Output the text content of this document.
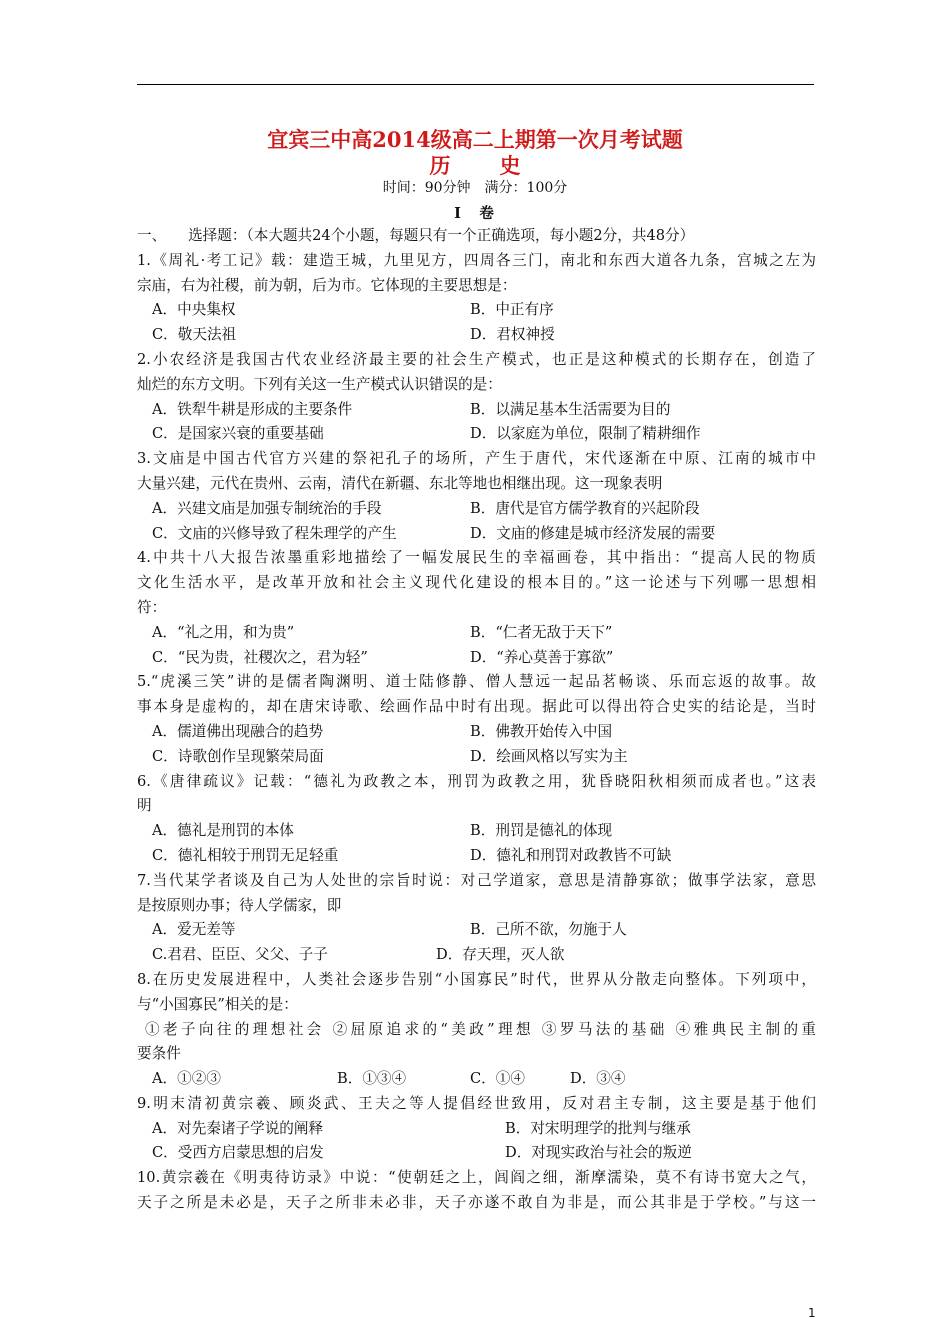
宜宾三中高2014级高二上期第一次月考试题
历　史
时间：90分钟　满分：100分
I　卷
一、　　选择题：（本大题共24个小题，每题只有一个正确选项，每小题2分，共48分）
1.《周礼·考工记》载：建造王城，九里见方，四周各三门，南北和东西大道各九条，宫城之左为
宗庙，右为社稷，前为朝，后为市。它体现的主要思想是：
A．中央集权	B．中正有序
C．敬天法祖	D．君权神授
2.小农经济是我国古代农业经济最主要的社会生产模式，也正是这种模式的长期存在，创造了
灿烂的东方文明。下列有关这一生产模式认识错误的是：
A．铁犁牛耕是形成的主要条件	B．以满足基本生活需要为目的
C．是国家兴衰的重要基础	D．以家庭为单位，限制了精耕细作
3.文庙是中国古代官方兴建的祭祀孔子的场所，产生于唐代，宋代逐渐在中原、江南的城市中
大量兴建，元代在贵州、云南，清代在新疆、东北等地也相继出现。这一现象表明
A．兴建文庙是加强专制统治的手段	B．唐代是官方儒学教育的兴起阶段
C．文庙的兴修导致了程朱理学的产生	D．文庙的修建是城市经济发展的需要
4.中共十八大报告浓墨重彩地描绘了一幅发展民生的幸福画卷，其中指出：“提高人民的物质
文化生活水平，是改革开放和社会主义现代化建设的根本目的。”这一论述与下列哪一思想相
符：
A．“礼之用，和为贵”	B．“仁者无敌于天下”
C．“民为贵，社稷次之，君为轻”	D．“养心莫善于寡欲”
5.“虎溪三笑”讲的是儒者陶渊明、道士陆修静、僧人慧远一起品茗畅谈、乐而忘返的故事。故
事本身是虚构的，却在唐宋诗歌、绘画作品中时有出现。据此可以得出符合史实的结论是，当时
A．儒道佛出现融合的趋势	B．佛教开始传入中国
C．诗歌创作呈现繁荣局面	D．绘画风格以写实为主
6.《唐律疏议》记载：“德礼为政教之本，刑罚为政教之用，犹昏晓阳秋相须而成者也。”这表
明
A．德礼是刑罚的本体	B．刑罚是德礼的体现
C．德礼相较于刑罚无足轻重	D．德礼和刑罚对政教皆不可缺
7.当代某学者谈及自己为人处世的宗旨时说：对己学道家，意思是清静寡欲；做事学法家，意思
是按原则办事；待人学儒家，即
A．爱无差等	B．己所不欲，勿施于人
C.君君、臣臣、父父、子子	D．存天理，灭人欲
8.在历史发展进程中，人类社会逐步告别“小国寡民”时代，世界从分散走向整体。下列项中，
与“小国寡民”相关的是：
①老子向往的理想社会 ②屈原追求的“美政”理想 ③罗马法的基础 ④雅典民主制的重
要条件
A．①②③	B．①③④	C．①④	D．③④
9.明末清初黄宗羲、顾炎武、王夫之等人提倡经世致用，反对君主专制，这主要是基于他们
A．对先秦诸子学说的阐释	B．对宋明理学的批判与继承
C．受西方启蒙思想的启发	D．对现实政治与社会的叛逆
10.黄宗羲在《明夷待访录》中说：“使朝廷之上，闾阎之细，渐摩濡染，莫不有诗书宽大之气，
天子之所是未必是，天子之所非未必非，天子亦遂不敢自为非是，而公其非是于学校。”与这一
1
